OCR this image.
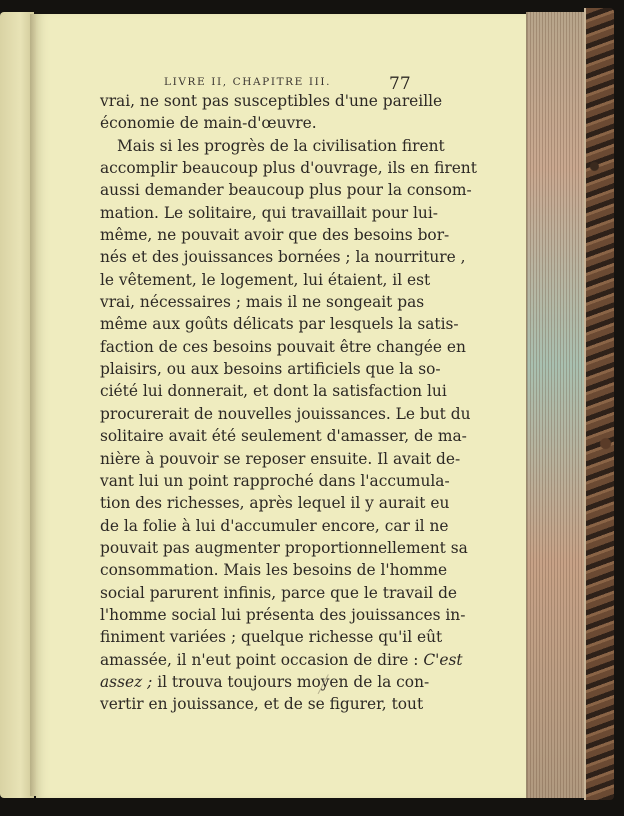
LIVRE II, CHAPITRE III.	77
vrai, ne sont pas susceptibles d'une pareille
économie de main-d'œuvre.
Mais si les progrès de la civilisation firent
accomplir beaucoup plus d'ouvrage, ils en firent
aussi demander beaucoup plus pour la consom-
mation. Le solitaire, qui travaillait pour lui-
même, ne pouvait avoir que des besoins bor-
nés et des jouissances bornées ; la nourriture ,
le vêtement, le logement, lui étaient, il est
vrai, nécessaires ; mais il ne songeait pas
même aux goûts délicats par lesquels la satis-
faction de ces besoins pouvait être changée en
plaisirs, ou aux besoins artificiels que la so-
ciété lui donnerait, et dont la satisfaction lui
procurerait de nouvelles jouissances. Le but du
solitaire avait été seulement d'amasser, de ma-
nière à pouvoir se reposer ensuite. Il avait de-
vant lui un point rapproché dans l'accumula-
tion des richesses, après lequel il y aurait eu
de la folie à lui d'accumuler encore, car il ne
pouvait pas augmenter proportionnellement sa
consommation. Mais les besoins de l'homme
social parurent infinis, parce que le travail de
l'homme social lui présenta des jouissances in-
finiment variées ; quelque richesse qu'il eût
amassée, il n'eut point occasion de dire : C'est
assez ; il trouva toujours moyen de la con-
vertir en jouissance, et de se figurer, tout
